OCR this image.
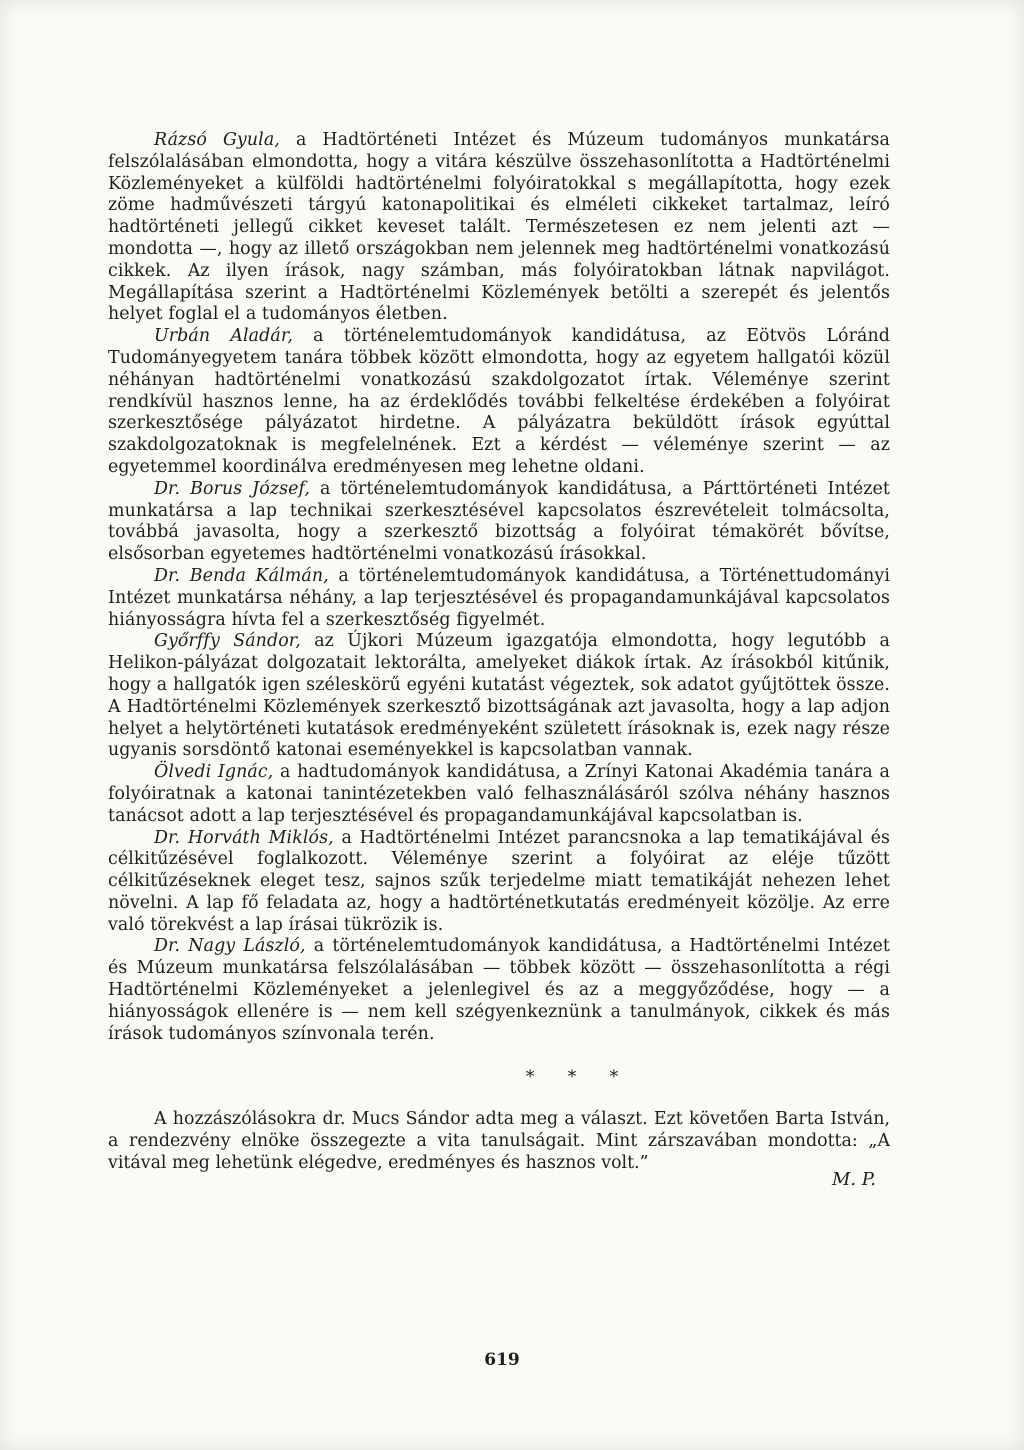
Rázsó Gyula, a Hadtörténeti Intézet és Múzeum tudományos munkatársa felszólalásában elmondotta, hogy a vitára készülve összehasonlította a Hadtörténelmi Közleményeket a külföldi hadtörténelmi folyóiratokkal s megállapította, hogy ezek zöme hadművészeti tárgyú katonapolitikai és elméleti cikkeket tartalmaz, leíró hadtörténeti jellegű cikket keveset talált. Természetesen ez nem jelenti azt — mondotta —, hogy az illető országokban nem jelennek meg hadtörténelmi vonatkozású cikkek. Az ilyen írások, nagy számban, más folyóiratokban látnak napvilágot. Megállapítása szerint a Hadtörténelmi Közlemények betölti a szerepét és jelentős helyet foglal el a tudományos életben.

Urbán Aladár, a történelemtudományok kandidátusa, az Eötvös Lóránd Tudományegyetem tanára többek között elmondotta, hogy az egyetem hallgatói közül néhányan hadtörténelmi vonatkozású szakdolgozatot írtak. Véleménye szerint rendkívül hasznos lenne, ha az érdeklődés további felkeltése érdekében a folyóirat szerkesztősége pályázatot hirdetne. A pályázatra beküldött írások egyúttal szakdolgozatoknak is megfelelnének. Ezt a kérdést — véleménye szerint — az egyetemmel koordinálva eredményesen meg lehetne oldani.

Dr. Borus József, a történelemtudományok kandidátusa, a Párttörténeti Intézet munkatársa a lap technikai szerkesztésével kapcsolatos észrevételeit tolmácsolta, továbbá javasolta, hogy a szerkesztő bizottság a folyóirat témakörét bővítse, elsősorban egyetemes hadtörténelmi vonatkozású írásokkal.

Dr. Benda Kálmán, a történelemtudományok kandidátusa, a Történettudományi Intézet munkatársa néhány, a lap terjesztésével és propagandamunkájával kapcsolatos hiányosságra hívta fel a szerkesztőség figyelmét.

Győrffy Sándor, az Újkori Múzeum igazgatója elmondotta, hogy legutóbb a Helikon-pályázat dolgozatait lektorálta, amelyeket diákok írtak. Az írásokból kitűnik, hogy a hallgatók igen széleskörű egyéni kutatást végeztek, sok adatot gyűjtöttek össze. A Hadtörténelmi Közlemények szerkesztő bizottságának azt javasolta, hogy a lap adjon helyet a helytörténeti kutatások eredményeként született írásoknak is, ezek nagy része ugyanis sorsdöntő katonai eseményekkel is kapcsolatban vannak.

Ölvedi Ignác, a hadtudományok kandidátusa, a Zrínyi Katonai Akadémia tanára a folyóiratnak a katonai tanintézetekben való felhasználásáról szólva néhány hasznos tanácsot adott a lap terjesztésével és propagandamunkájával kapcsolatban is.

Dr. Horváth Miklós, a Hadtörténelmi Intézet parancsnoka a lap tematikájával és célkitűzésével foglalkozott. Véleménye szerint a folyóirat az eléje tűzött célkitűzéseknek eleget tesz, sajnos szűk terjedelme miatt tematikáját nehezen lehet növelni. A lap fő feladata az, hogy a hadtörténetkutatás eredményeit közölje. Az erre való törekvést a lap írásai tükrözik is.

Dr. Nagy László, a történelemtudományok kandidátusa, a Hadtörténelmi Intézet és Múzeum munkatársa felszólalásában — többek között — összehasonlította a régi Hadtörténelmi Közleményeket a jelenlegivel és az a meggyőződése, hogy — a hiányosságok ellenére is — nem kell szégyenkeznünk a tanulmányok, cikkek és más írások tudományos színvonala terén.

* * *

A hozzászólásokra dr. Mucs Sándor adta meg a választ. Ezt követően Barta István, a rendezvény elnöke összegezte a vita tanulságait. Mint zárszavában mondotta: „A vitával meg lehetünk elégedve, eredményes és hasznos volt.”

M. P.
619
